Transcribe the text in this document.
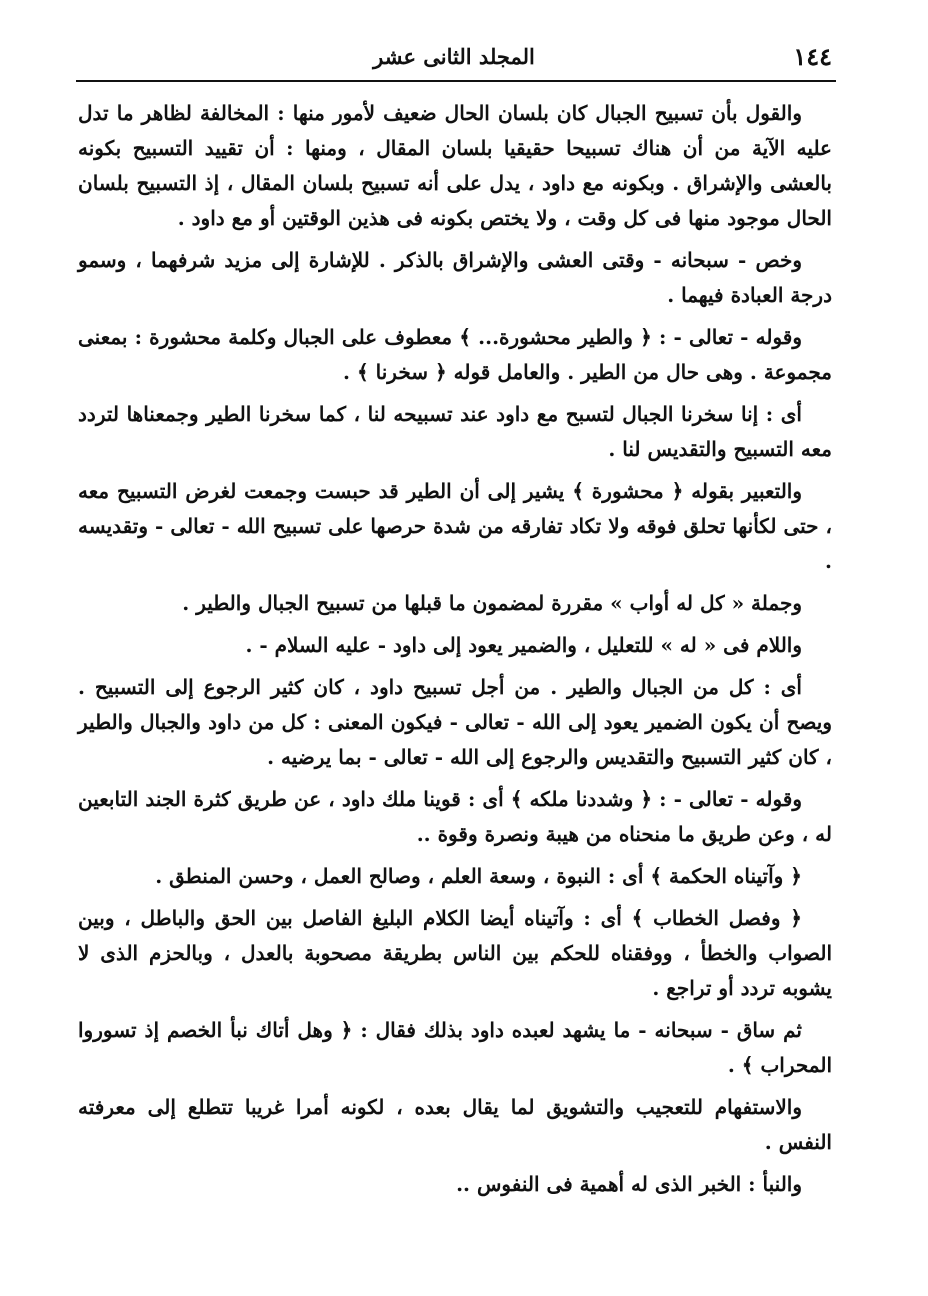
١٤٤
المجلد الثانى عشر

والقول بأن تسبيح الجبال كان بلسان الحال ضعيف لأمور منها : المخالفة لظاهر ما تدل عليه الآية من أن هناك تسبيحا حقيقيا بلسان المقال ، ومنها : أن تقييد التسبيح بكونه بالعشى والإشراق . وبكونه مع داود ، يدل على أنه تسبيح بلسان المقال ، إذ التسبيح بلسان الحال موجود منها فى كل وقت ، ولا يختص بكونه فى هذين الوقتين أو مع داود .

وخص - سبحانه - وقتى العشى والإشراق بالذكر . للإشارة إلى مزيد شرفهما ، وسمو درجة العبادة فيهما .

وقوله - تعالى - : ﴿ والطير محشورة... ﴾ معطوف على الجبال وكلمة محشورة : بمعنى مجموعة . وهى حال من الطير . والعامل قوله ﴿ سخرنا ﴾ .

أى : إنا سخرنا الجبال لتسبح مع داود عند تسبيحه لنا ، كما سخرنا الطير وجمعناها لتردد معه التسبيح والتقديس لنا .

والتعبير بقوله ﴿ محشورة ﴾ يشير إلى أن الطير قد حبست وجمعت لغرض التسبيح معه ، حتى لكأنها تحلق فوقه ولا تكاد تفارقه من شدة حرصها على تسبيح الله - تعالى - وتقديسه .

وجملة « كل له أواب » مقررة لمضمون ما قبلها من تسبيح الجبال والطير .

واللام فى « له » للتعليل ، والضمير يعود إلى داود - عليه السلام - .

أى : كل من الجبال والطير . من أجل تسبيح داود ، كان كثير الرجوع إلى التسبيح . ويصح أن يكون الضمير يعود إلى الله - تعالى - فيكون المعنى : كل من داود والجبال والطير ، كان كثير التسبيح والتقديس والرجوع إلى الله - تعالى - بما يرضيه .

وقوله - تعالى - : ﴿ وشددنا ملكه ﴾ أى : قوينا ملك داود ، عن طريق كثرة الجند التابعين له ، وعن طريق ما منحناه من هيبة ونصرة وقوة ..

﴿ وآتيناه الحكمة ﴾ أى : النبوة ، وسعة العلم ، وصالح العمل ، وحسن المنطق .

﴿ وفصل الخطاب ﴾ أى : وآتيناه أيضا الكلام البليغ الفاصل بين الحق والباطل ، وبين الصواب والخطأ ، ووفقناه للحكم بين الناس بطريقة مصحوبة بالعدل ، وبالحزم الذى لا يشوبه تردد أو تراجع .

ثم ساق - سبحانه - ما يشهد لعبده داود بذلك فقال : ﴿ وهل أتاك نبأ الخصم إذ تسوروا المحراب ﴾ .

والاستفهام للتعجيب والتشويق لما يقال بعده ، لكونه أمرا غريبا تتطلع إلى معرفته النفس .

والنبأ : الخبر الذى له أهمية فى النفوس ..
